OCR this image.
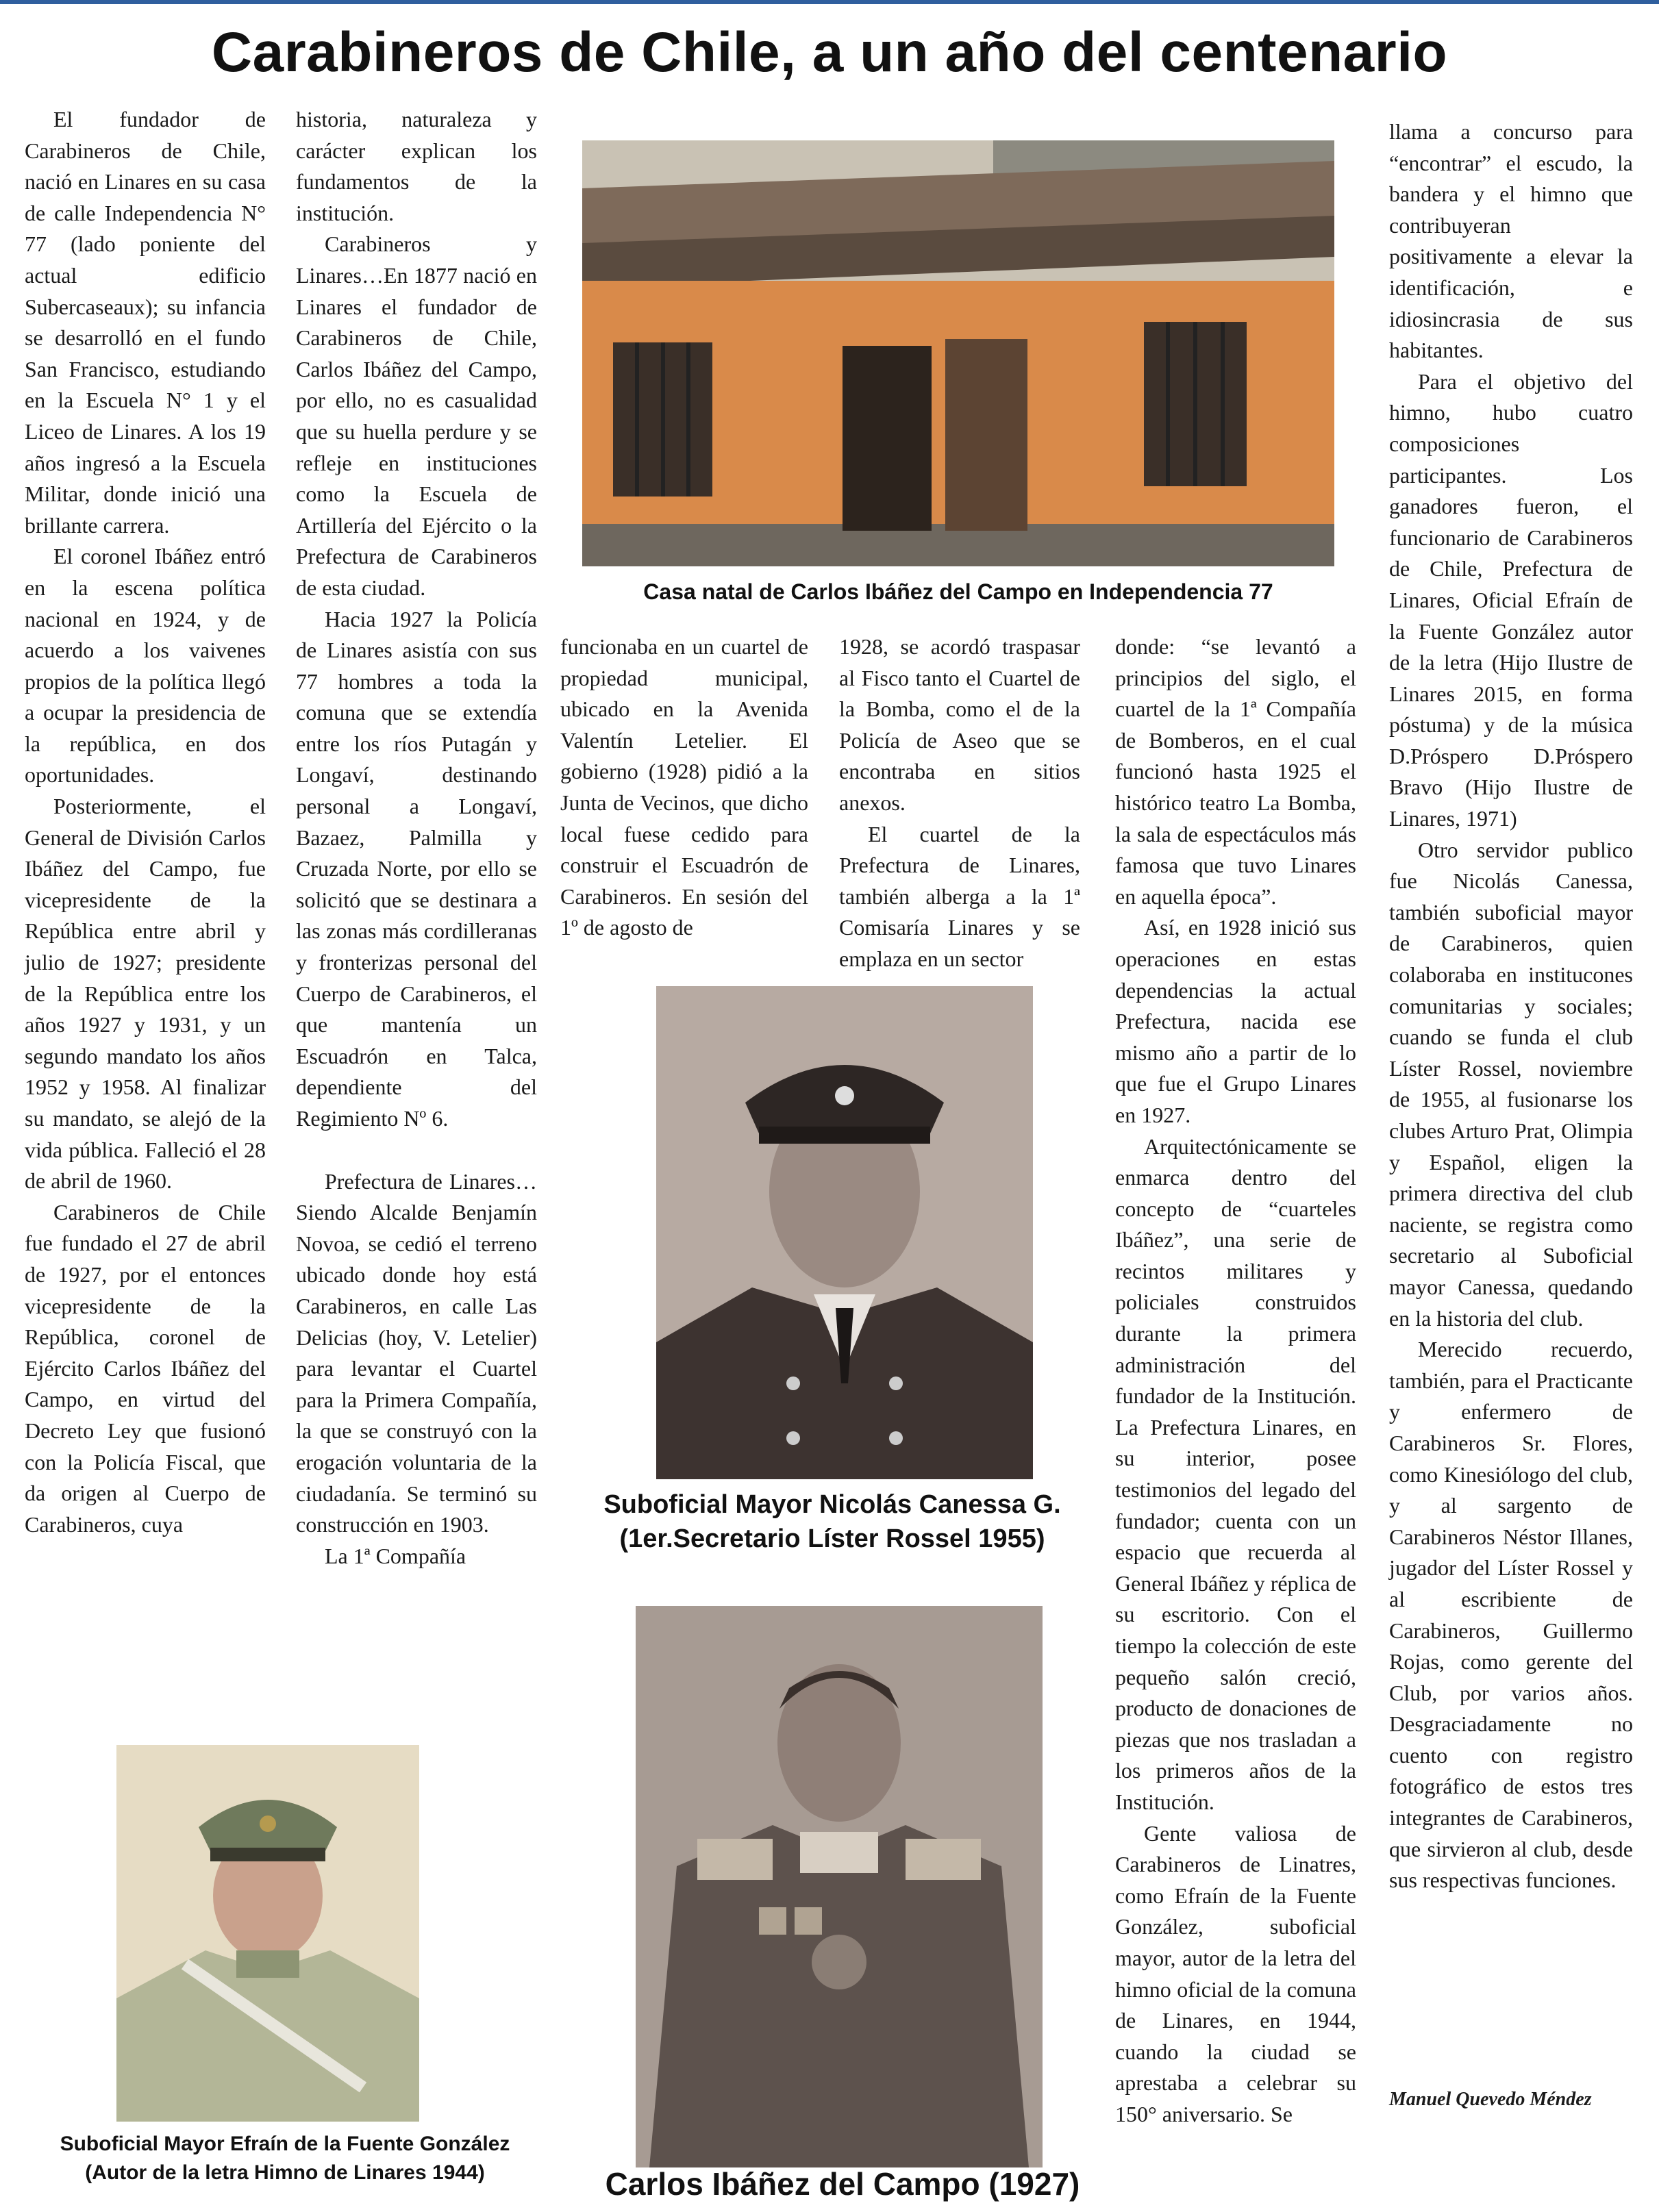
Carabineros de Chile, a un año del centenario

El fundador de Carabineros de Chile, nació en Linares en su casa de calle Independencia N° 77 (lado poniente del actual edificio Subercaseaux); su infancia se desarrolló en el fundo San Francisco, estudiando en la Escuela N° 1 y el Liceo de Linares. A los 19 años ingresó a la Escuela Militar, donde inició una brillante carrera.

El coronel Ibáñez entró en la escena política nacional en 1924, y de acuerdo a los vaivenes propios de la política llegó a ocupar la presidencia de la república, en dos oportunidades.

Posteriormente, el General de División Carlos Ibáñez del Campo, fue vicepresidente de la República entre abril y julio de 1927; presidente de la República entre los años 1927 y 1931, y un segundo mandato los años 1952 y 1958. Al finalizar su mandato, se alejó de la vida pública. Falleció el 28 de abril de 1960.

Carabineros de Chile fue fundado el 27 de abril de 1927, por el entonces vicepresidente de la República, coronel de Ejército Carlos Ibáñez del Campo, en virtud del Decreto Ley que fusionó con la Policía Fiscal, que da origen al Cuerpo de Carabineros, cuya

historia, naturaleza y carácter explican los fundamentos de la institución.

Carabineros y Linares…En 1877 nació en Linares el fundador de Carabineros de Chile, Carlos Ibáñez del Campo, por ello, no es casualidad que su huella perdure y se refleje en instituciones como la Escuela de Artillería del Ejército o la Prefectura de Carabineros de esta ciudad.

Hacia 1927 la Policía de Linares asistía con sus 77 hombres a toda la comuna que se extendía entre los ríos Putagán y Longaví, destinando personal a Longaví, Bazaez, Palmilla y Cruzada Norte, por ello se solicitó que se destinara a las zonas más cordilleranas y fronterizas personal del Cuerpo de Carabineros, el que mantenía un Escuadrón en Talca, dependiente del Regimiento Nº 6.

Prefectura de Linares… Siendo Alcalde Benjamín Novoa, se cedió el terreno ubicado donde hoy está Carabineros, en calle Las Delicias (hoy, V. Letelier) para levantar el Cuartel para la Primera Compañía, la que se construyó con la erogación voluntaria de la ciudadanía. Se terminó su construcción en 1903.

La 1ª Compañía

Casa natal de Carlos Ibáñez del Campo en Independencia 77

funcionaba en un cuartel de propiedad municipal, ubicado en la Avenida Valentín Letelier. El gobierno (1928) pidió a la Junta de Vecinos, que dicho local fuese cedido para construir el Escuadrón de Carabineros. En sesión del 1º de agosto de

1928, se acordó traspasar al Fisco tanto el Cuartel de la Bomba, como el de la Policía de Aseo que se encontraba en sitios anexos.

El cuartel de la Prefectura de Linares, también alberga a la 1ª Comisaría Linares y se emplaza en un sector

Suboficial Mayor Nicolás Canessa G.
(1er.Secretario Líster Rossel 1955)
Carlos Ibáñez del Campo (1927)
Suboficial Mayor Efraín de la Fuente González
(Autor de la letra Himno de Linares 1944)

donde: “se levantó a principios del siglo, el cuartel de la 1ª Compañía de Bomberos, en el cual funcionó hasta 1925 el histórico teatro La Bomba, la sala de espectáculos más famosa que tuvo Linares en aquella época”.

Así, en 1928 inició sus operaciones en estas dependencias la actual Prefectura, nacida ese mismo año a partir de lo que fue el Grupo Linares en 1927.

Arquitectónicamente se enmarca dentro del concepto de “cuarteles Ibáñez”, una serie de recintos militares y policiales construidos durante la primera administración del fundador de la Institución. La Prefectura Linares, en su interior, posee testimonios del legado del fundador; cuenta con un espacio que recuerda al General Ibáñez y réplica de su escritorio. Con el tiempo la colección de este pequeño salón creció, producto de donaciones de piezas que nos trasladan a los primeros años de la Institución.

Gente valiosa de Carabineros de Linatres, como Efraín de la Fuente González, suboficial mayor, autor de la letra del himno oficial de la comuna de Linares, en 1944, cuando la ciudad se aprestaba a celebrar su 150° aniversario. Se

llama a concurso para “encontrar” el escudo, la bandera y el himno que contribuyeran positivamente a elevar la identificación, e idiosincrasia de sus habitantes.

Para el objetivo del himno, hubo cuatro composiciones participantes. Los ganadores fueron, el funcionario de Carabineros de Chile, Prefectura de Linares, Oficial Efraín de la Fuente González autor de la letra (Hijo Ilustre de Linares 2015, en forma póstuma) y de la música D.Próspero D.Próspero Bravo (Hijo Ilustre de Linares, 1971)

Otro servidor publico fue Nicolás Canessa, también suboficial mayor de Carabineros, quien colaboraba en institucones comunitarias y sociales; cuando se funda el club Líster Rossel, noviembre de 1955, al fusionarse los clubes Arturo Prat, Olimpia y Español, eligen la primera directiva del club naciente, se registra como secretario al Suboficial mayor Canessa, quedando en la historia del club.

Merecido recuerdo, también, para el Practicante y enfermero de Carabineros Sr. Flores, como Kinesiólogo del club, y al sargento de Carabineros Néstor Illanes, jugador del Líster Rossel y al escribiente de Carabineros, Guillermo Rojas, como gerente del Club, por varios años. Desgraciadamente no cuento con registro fotográfico de estos tres integrantes de Carabineros, que sirvieron al club, desde sus respectivas funciones.

Manuel Quevedo Méndez
